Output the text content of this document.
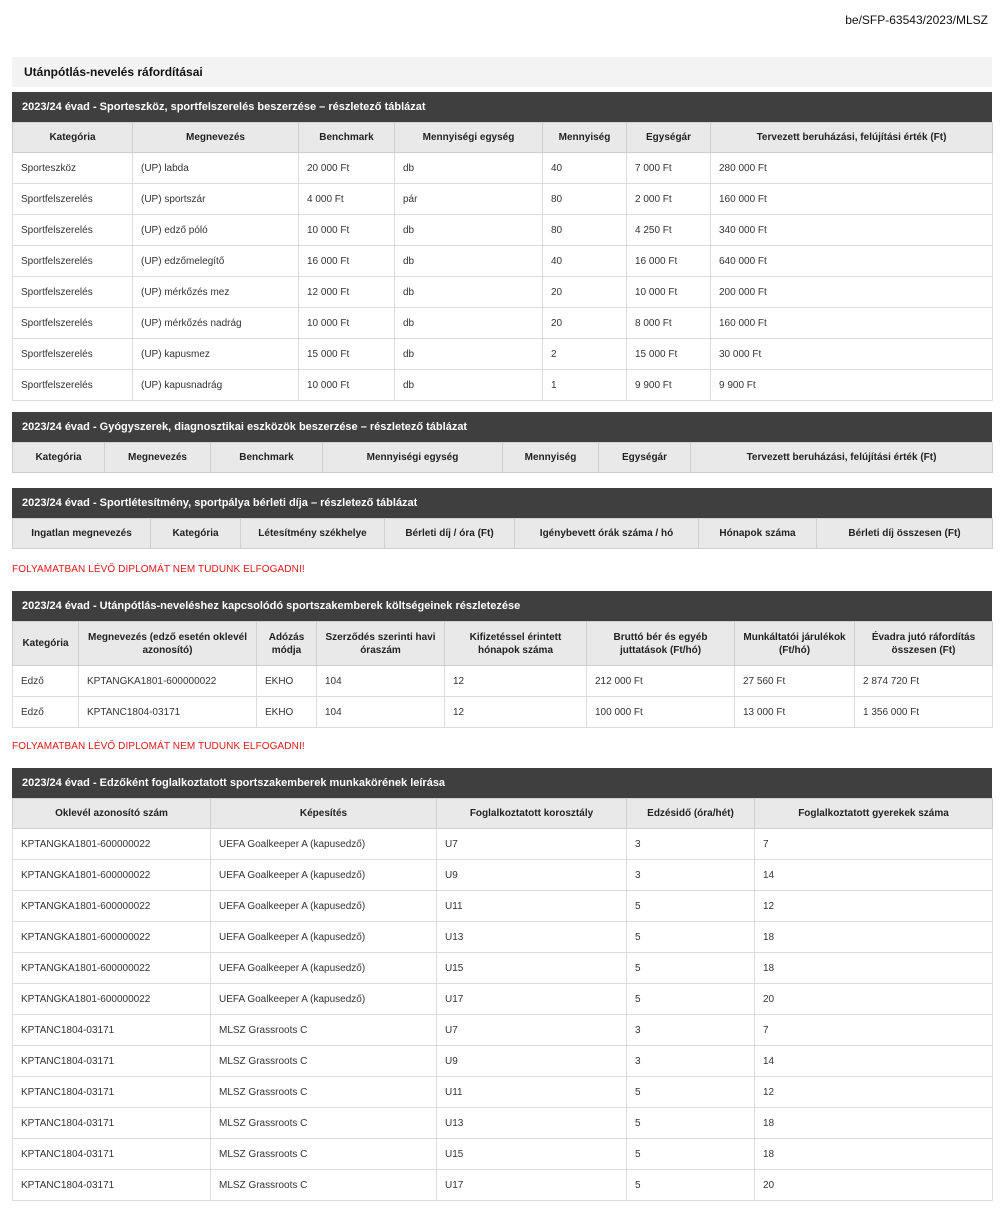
be/SFP-63543/2023/MLSZ
Utánpótlás-nevelés ráfordításai
2023/24 évad - Sporteszköz, sportfelszerelés beszerzése – részletező táblázat
Kategória	Megnevezés	Benchmark	Mennyiségi egység	Mennyiség	Egységár	Tervezett beruházási, felújítási érték (Ft)
Sporteszköz	(UP) labda	20 000 Ft	db	40	7 000 Ft	280 000 Ft
Sportfelszerelés	(UP) sportszár	4 000 Ft	pár	80	2 000 Ft	160 000 Ft
Sportfelszerelés	(UP) edző póló	10 000 Ft	db	80	4 250 Ft	340 000 Ft
Sportfelszerelés	(UP) edzőmelegítő	16 000 Ft	db	40	16 000 Ft	640 000 Ft
Sportfelszerelés	(UP) mérkőzés mez	12 000 Ft	db	20	10 000 Ft	200 000 Ft
Sportfelszerelés	(UP) mérkőzés nadrág	10 000 Ft	db	20	8 000 Ft	160 000 Ft
Sportfelszerelés	(UP) kapusmez	15 000 Ft	db	2	15 000 Ft	30 000 Ft
Sportfelszerelés	(UP) kapusnadrág	10 000 Ft	db	1	9 900 Ft	9 900 Ft
2023/24 évad - Gyógyszerek, diagnosztikai eszközök beszerzése – részletező táblázat
Kategória	Megnevezés	Benchmark	Mennyiségi egység	Mennyiség	Egységár	Tervezett beruházási, felújítási érték (Ft)
2023/24 évad - Sportlétesítmény, sportpálya bérleti díja – részletező táblázat
Ingatlan megnevezés	Kategória	Létesítmény székhelye	Bérleti díj / óra (Ft)	Igénybevett órák száma / hó	Hónapok száma	Bérleti díj összesen (Ft)
FOLYAMATBAN LÉVŐ DIPLOMÁT NEM TUDUNK ELFOGADNI!
2023/24 évad - Utánpótlás-neveléshez kapcsolódó sportszakemberek költségeinek részletezése
Kategória	Megnevezés (edző esetén oklevél azonosító)	Adózás módja	Szerződés szerinti havi óraszám	Kifizetéssel érintett hónapok száma	Bruttó bér és egyéb juttatások (Ft/hó)	Munkáltatói járulékok (Ft/hó)	Évadra jutó ráfordítás összesen (Ft)
Edző	KPTANGKA1801-600000022	EKHO	104	12	212 000 Ft	27 560 Ft	2 874 720 Ft
Edző	KPTANC1804-03171	EKHO	104	12	100 000 Ft	13 000 Ft	1 356 000 Ft
FOLYAMATBAN LÉVŐ DIPLOMÁT NEM TUDUNK ELFOGADNI!
2023/24 évad - Edzőként foglalkoztatott sportszakemberek munkakörének leírása
Oklevél azonosító szám	Képesítés	Foglalkoztatott korosztály	Edzésidő (óra/hét)	Foglalkoztatott gyerekek száma
KPTANGKA1801-600000022	UEFA Goalkeeper A (kapusedző)	U7	3	7
KPTANGKA1801-600000022	UEFA Goalkeeper A (kapusedző)	U9	3	14
KPTANGKA1801-600000022	UEFA Goalkeeper A (kapusedző)	U11	5	12
KPTANGKA1801-600000022	UEFA Goalkeeper A (kapusedző)	U13	5	18
KPTANGKA1801-600000022	UEFA Goalkeeper A (kapusedző)	U15	5	18
KPTANGKA1801-600000022	UEFA Goalkeeper A (kapusedző)	U17	5	20
KPTANC1804-03171	MLSZ Grassroots C	U7	3	7
KPTANC1804-03171	MLSZ Grassroots C	U9	3	14
KPTANC1804-03171	MLSZ Grassroots C	U11	5	12
KPTANC1804-03171	MLSZ Grassroots C	U13	5	18
KPTANC1804-03171	MLSZ Grassroots C	U15	5	18
KPTANC1804-03171	MLSZ Grassroots C	U17	5	20
